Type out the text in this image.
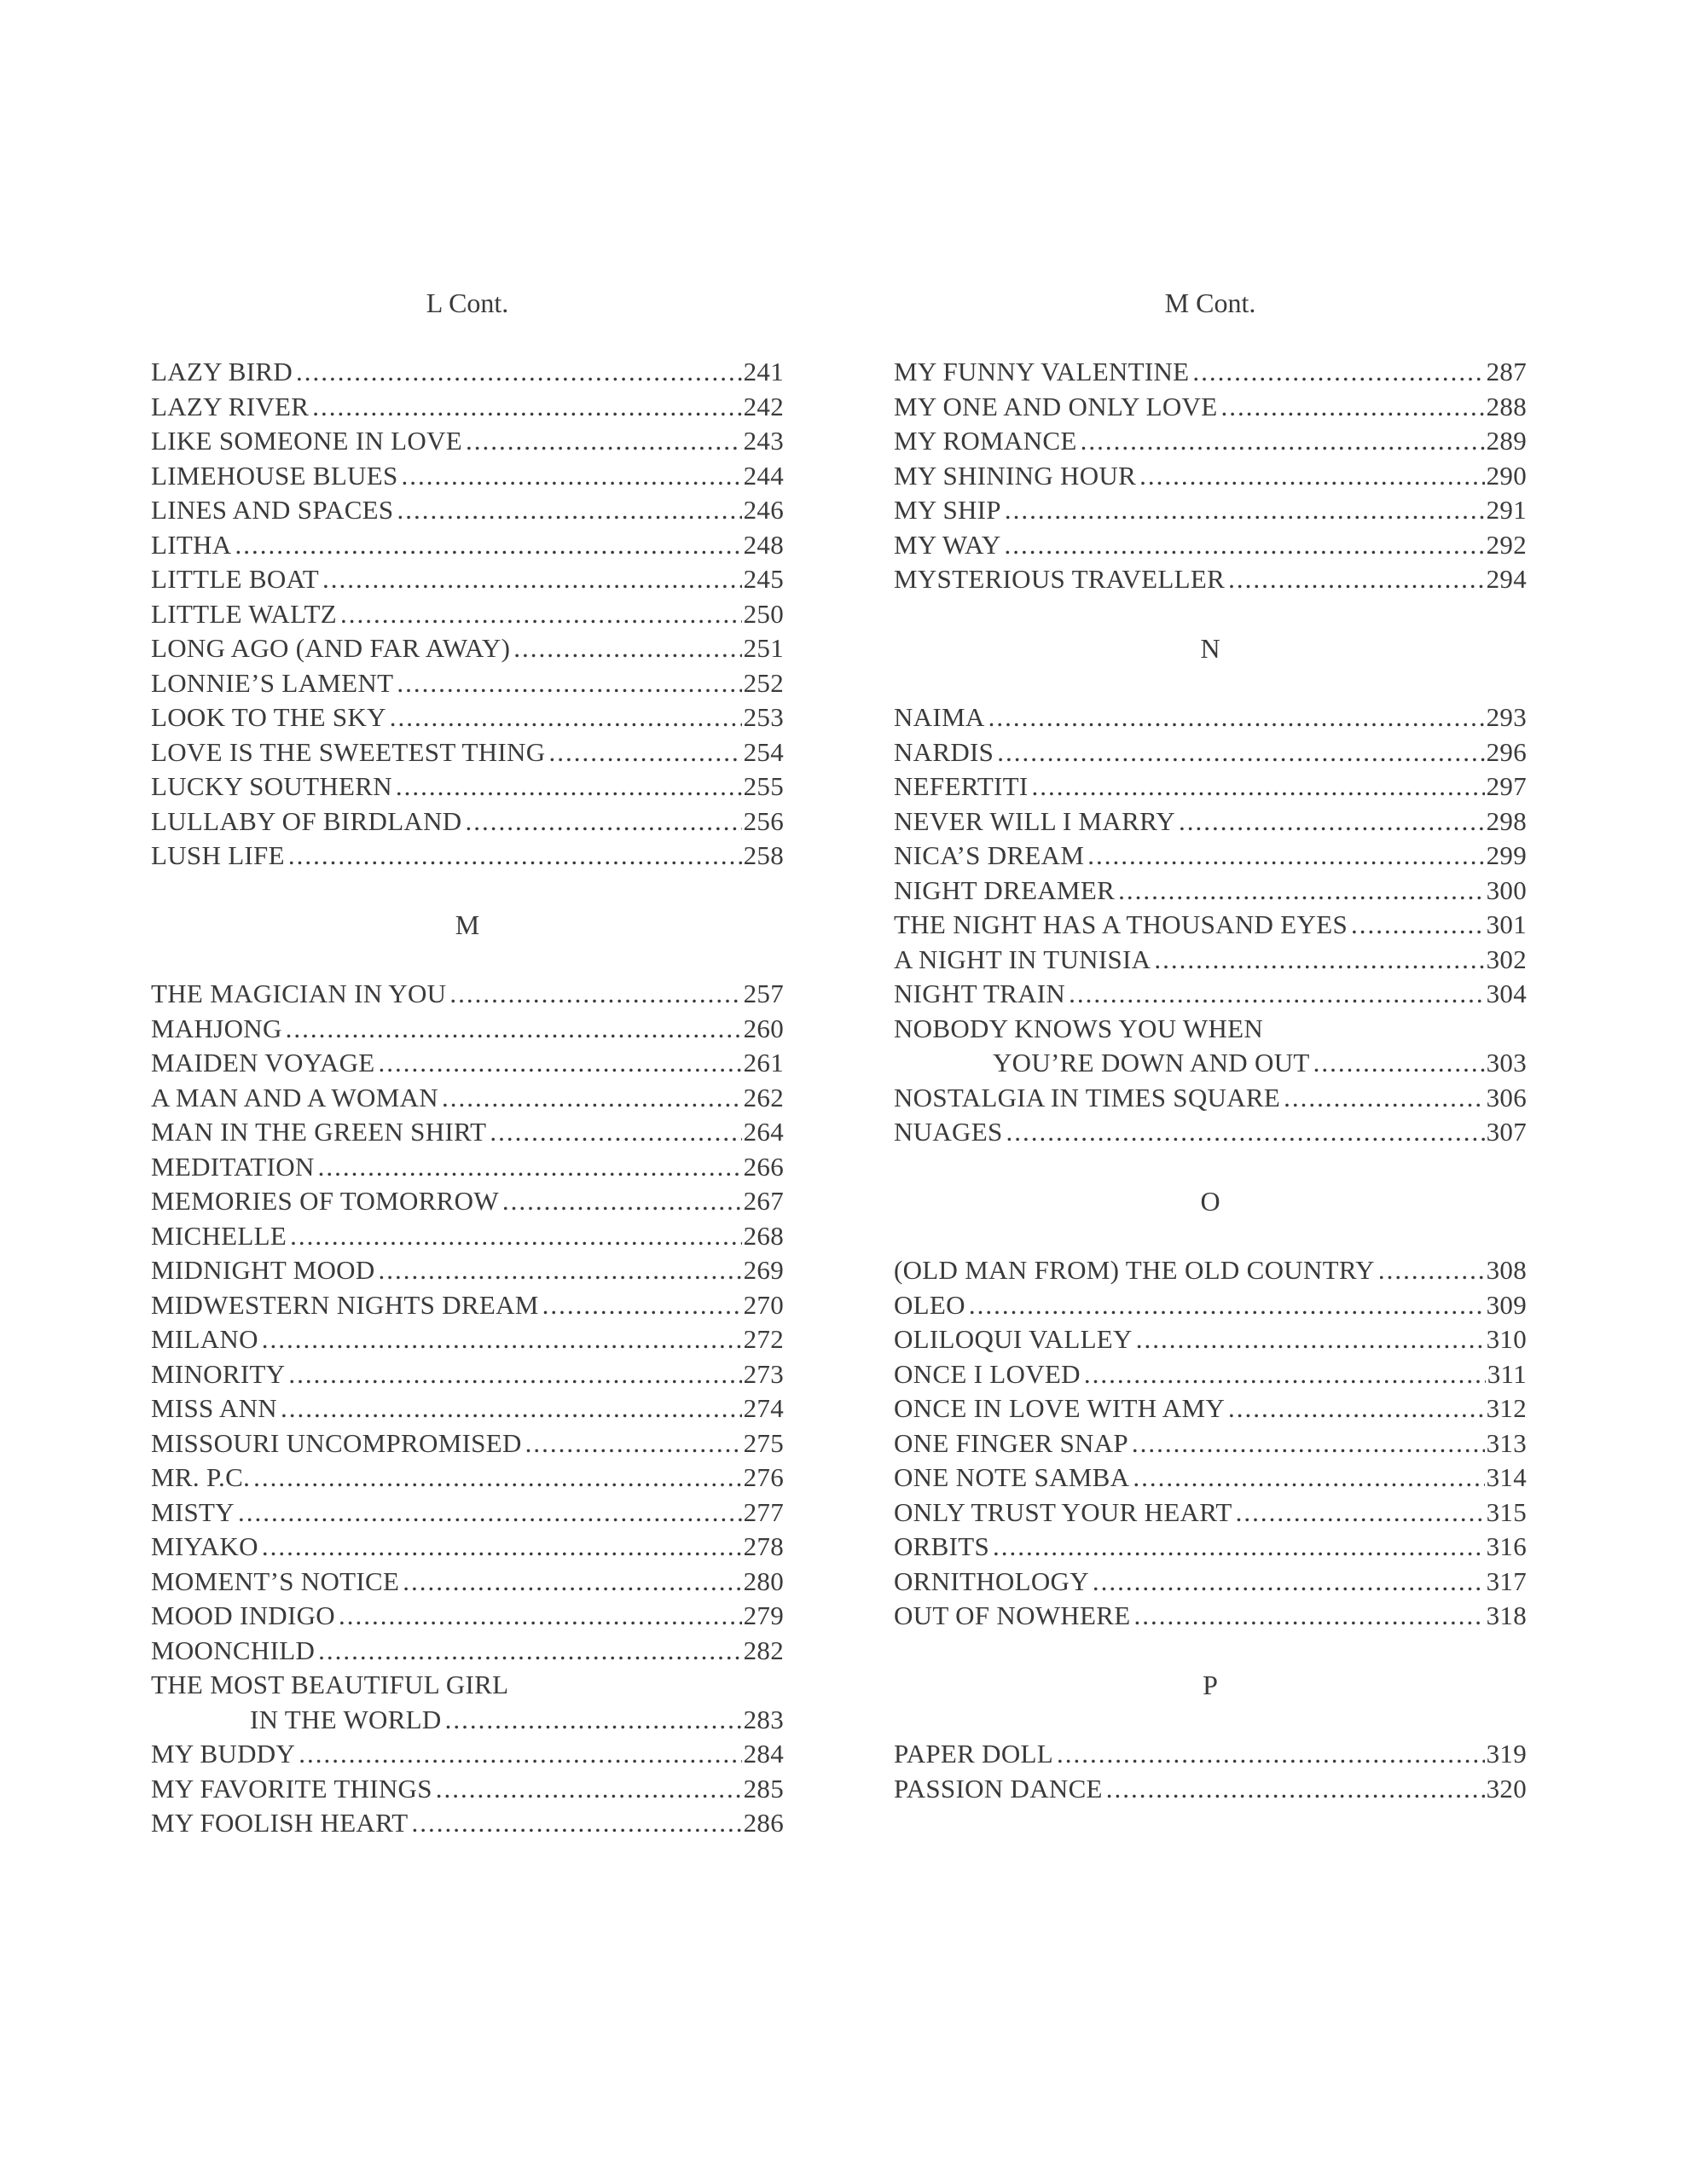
L Cont.
LAZY BIRD .....	241
LAZY RIVER .....	242
LIKE SOMEONE IN LOVE .....	243
LIMEHOUSE BLUES .....	244
LINES AND SPACES .....	246
LITHA .....	248
LITTLE BOAT .....	245
LITTLE WALTZ .....	250
LONG AGO (AND FAR AWAY) .....	251
LONNIE’S LAMENT .....	252
LOOK TO THE SKY .....	253
LOVE IS THE SWEETEST THING .....	254
LUCKY SOUTHERN .....	255
LULLABY OF BIRDLAND .....	256
LUSH LIFE .....	258
M
THE MAGICIAN IN YOU .....	257
MAHJONG .....	260
MAIDEN VOYAGE .....	261
A MAN AND A WOMAN .....	262
MAN IN THE GREEN SHIRT .....	264
MEDITATION .....	266
MEMORIES OF TOMORROW .....	267
MICHELLE .....	268
MIDNIGHT MOOD .....	269
MIDWESTERN NIGHTS DREAM .....	270
MILANO .....	272
MINORITY .....	273
MISS ANN .....	274
MISSOURI UNCOMPROMISED .....	275
MR. P.C. .....	276
MISTY .....	277
MIYAKO .....	278
MOMENT’S NOTICE .....	280
MOOD INDIGO .....	279
MOONCHILD .....	282
THE MOST BEAUTIFUL GIRL
IN THE WORLD .....	283
MY BUDDY .....	284
MY FAVORITE THINGS .....	285
MY FOOLISH HEART .....	286
M Cont.
MY FUNNY VALENTINE .....	287
MY ONE AND ONLY LOVE .....	288
MY ROMANCE .....	289
MY SHINING HOUR .....	290
MY SHIP .....	291
MY WAY .....	292
MYSTERIOUS TRAVELLER .....	294
N
NAIMA .....	293
NARDIS .....	296
NEFERTITI .....	297
NEVER WILL I MARRY .....	298
NICA’S DREAM .....	299
NIGHT DREAMER .....	300
THE NIGHT HAS A THOUSAND EYES .....	301
A NIGHT IN TUNISIA .....	302
NIGHT TRAIN .....	304
NOBODY KNOWS YOU WHEN
YOU’RE DOWN AND OUT .....	303
NOSTALGIA IN TIMES SQUARE .....	306
NUAGES .....	307
O
(OLD MAN FROM) THE OLD COUNTRY .....	308
OLEO .....	309
OLILOQUI VALLEY .....	310
ONCE I LOVED .....	311
ONCE IN LOVE WITH AMY .....	312
ONE FINGER SNAP .....	313
ONE NOTE SAMBA .....	314
ONLY TRUST YOUR HEART .....	315
ORBITS .....	316
ORNITHOLOGY .....	317
OUT OF NOWHERE .....	318
P
PAPER DOLL .....	319
PASSION DANCE .....	320
